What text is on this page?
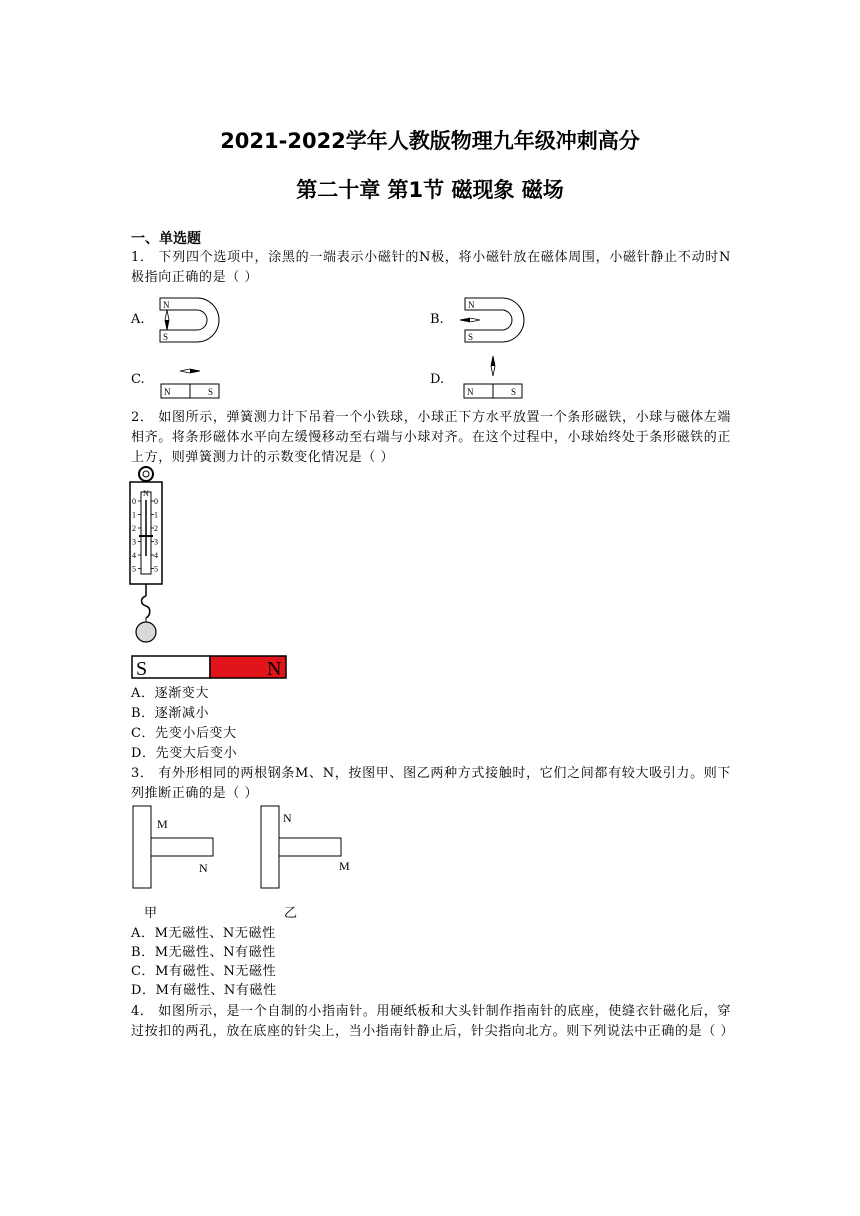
2021-2022学年人教版物理九年级冲刺高分
第二十章 第1节 磁现象 磁场
一、单选题
1． 下列四个选项中，涂黑的一端表示小磁针的N极，将小磁针放在磁体周围，小磁针静止不动时N极指向正确的是（ ）
A.
N
S
B.
N
S
C.
N	S
D.
N	S
2． 如图所示，弹簧测力计下吊着一个小铁球，小球正下方水平放置一个条形磁铁，小球与磁体左端相齐。将条形磁体水平向左缓慢移动至右端与小球对齐。在这个过程中，小球始终处于条形磁铁的正上方，则弹簧测力计的示数变化情况是（ ）
N
0 0
1 1
2 2
3 3
4 4
5 5
S	N
A．逐渐变大
B．逐渐减小
C．先变小后变大
D．先变大后变小
3． 有外形相同的两根钢条M、N，按图甲、图乙两种方式接触时，它们之间都有较大吸引力。则下列推断正确的是（ ）
M
N
甲
N
M
乙
A．M无磁性、N无磁性
B．M无磁性、N有磁性
C．M有磁性、N无磁性
D．M有磁性、N有磁性
4． 如图所示，是一个自制的小指南针。用硬纸板和大头针制作指南针的底座，使缝衣针磁化后，穿过按扣的两孔，放在底座的针尖上，当小指南针静止后，针尖指向北方。则下列说法中正确的是（ ）
